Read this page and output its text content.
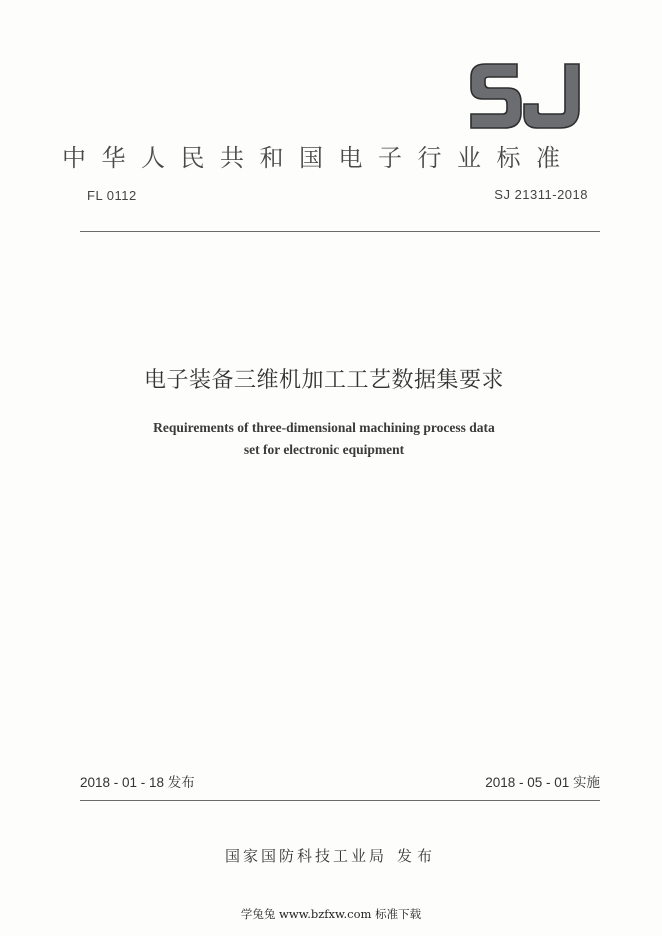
中华人民共和国电子行业标准
FL 0112	SJ 21311-2018
电子装备三维机加工工艺数据集要求
Requirements of three-dimensional machining process data
set for electronic equipment
2018 - 01 - 18 发布	2018 - 05 - 01 实施
国家国防科技工业局 发布
学兔兔 www.bzfxw.com 标准下载
